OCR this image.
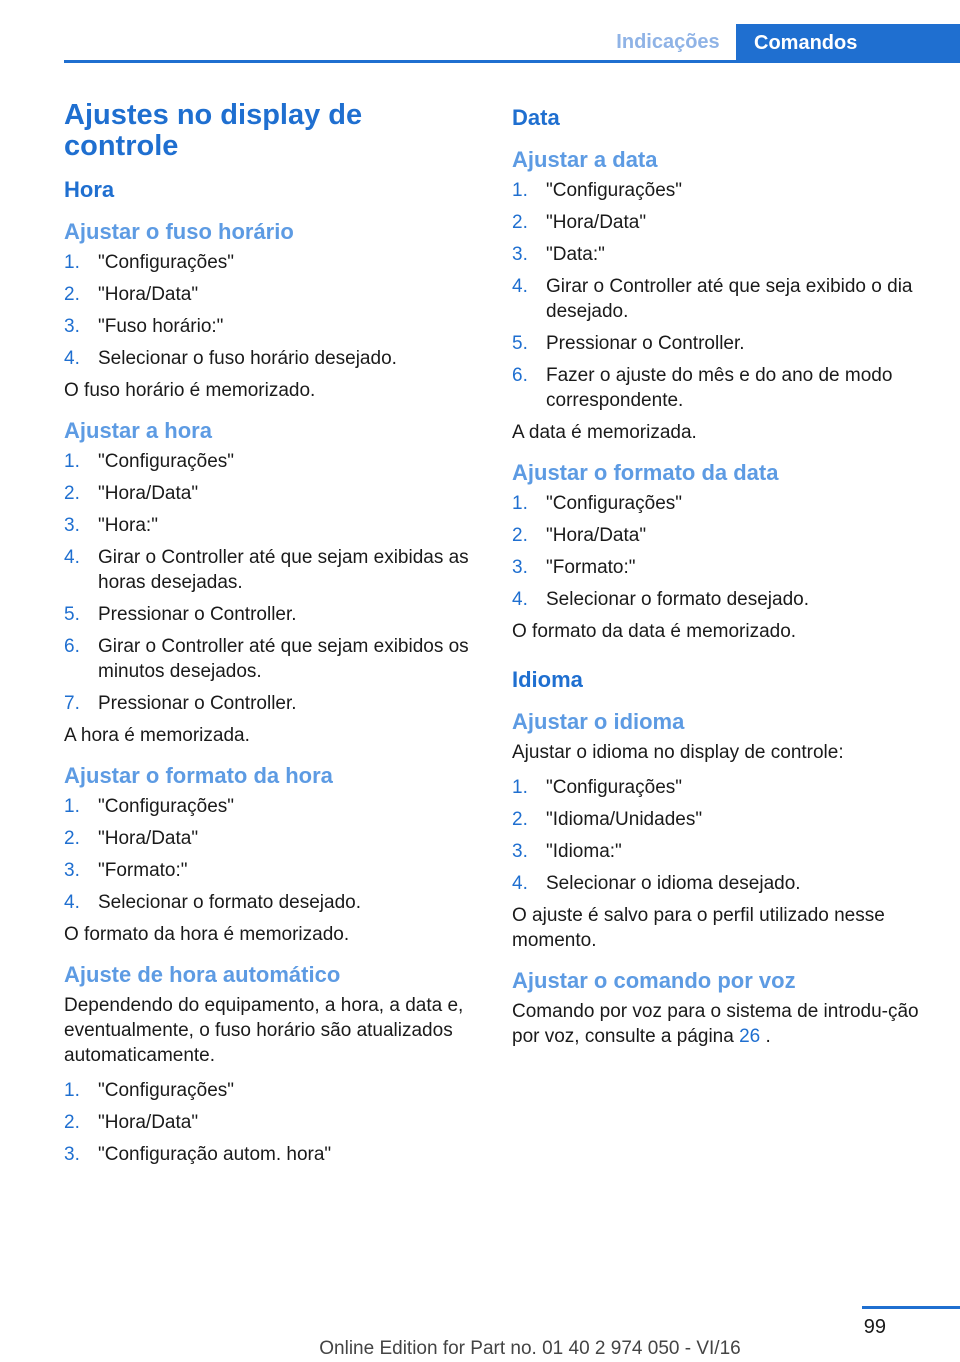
Indicações	Comandos
Ajustes no display de controle
Hora
Ajustar o fuso horário
1. "Configurações"
2. "Hora/Data"
3. "Fuso horário:"
4. Selecionar o fuso horário desejado.

O fuso horário é memorizado.

Ajustar a hora
1. "Configurações"
2. "Hora/Data"
3. "Hora:"
4. Girar o Controller até que sejam exibidas as horas desejadas.
5. Pressionar o Controller.
6. Girar o Controller até que sejam exibidos os minutos desejados.
7. Pressionar o Controller.

A hora é memorizada.

Ajustar o formato da hora
1. "Configurações"
2. "Hora/Data"
3. "Formato:"
4. Selecionar o formato desejado.

O formato da hora é memorizado.

Ajuste de hora automático

Dependendo do equipamento, a hora, a data e, eventualmente, o fuso horário são atualizados automaticamente.

1. "Configurações"
2. "Hora/Data"
3. "Configuração autom. hora"
Data
Ajustar a data
1. "Configurações"
2. "Hora/Data"
3. "Data:"
4. Girar o Controller até que seja exibido o dia desejado.
5. Pressionar o Controller.
6. Fazer o ajuste do mês e do ano de modo correspondente.

A data é memorizada.

Ajustar o formato da data
1. "Configurações"
2. "Hora/Data"
3. "Formato:"
4. Selecionar o formato desejado.

O formato da data é memorizado.

Idioma
Ajustar o idioma

Ajustar o idioma no display de controle:

1. "Configurações"
2. "Idioma/Unidades"
3. "Idioma:"
4. Selecionar o idioma desejado.

O ajuste é salvo para o perfil utilizado nesse momento.

Ajustar o comando por voz

Comando por voz para o sistema de introdu-ção por voz, consulte a página 26 .

99
Online Edition for Part no. 01 40 2 974 050 - VI/16
